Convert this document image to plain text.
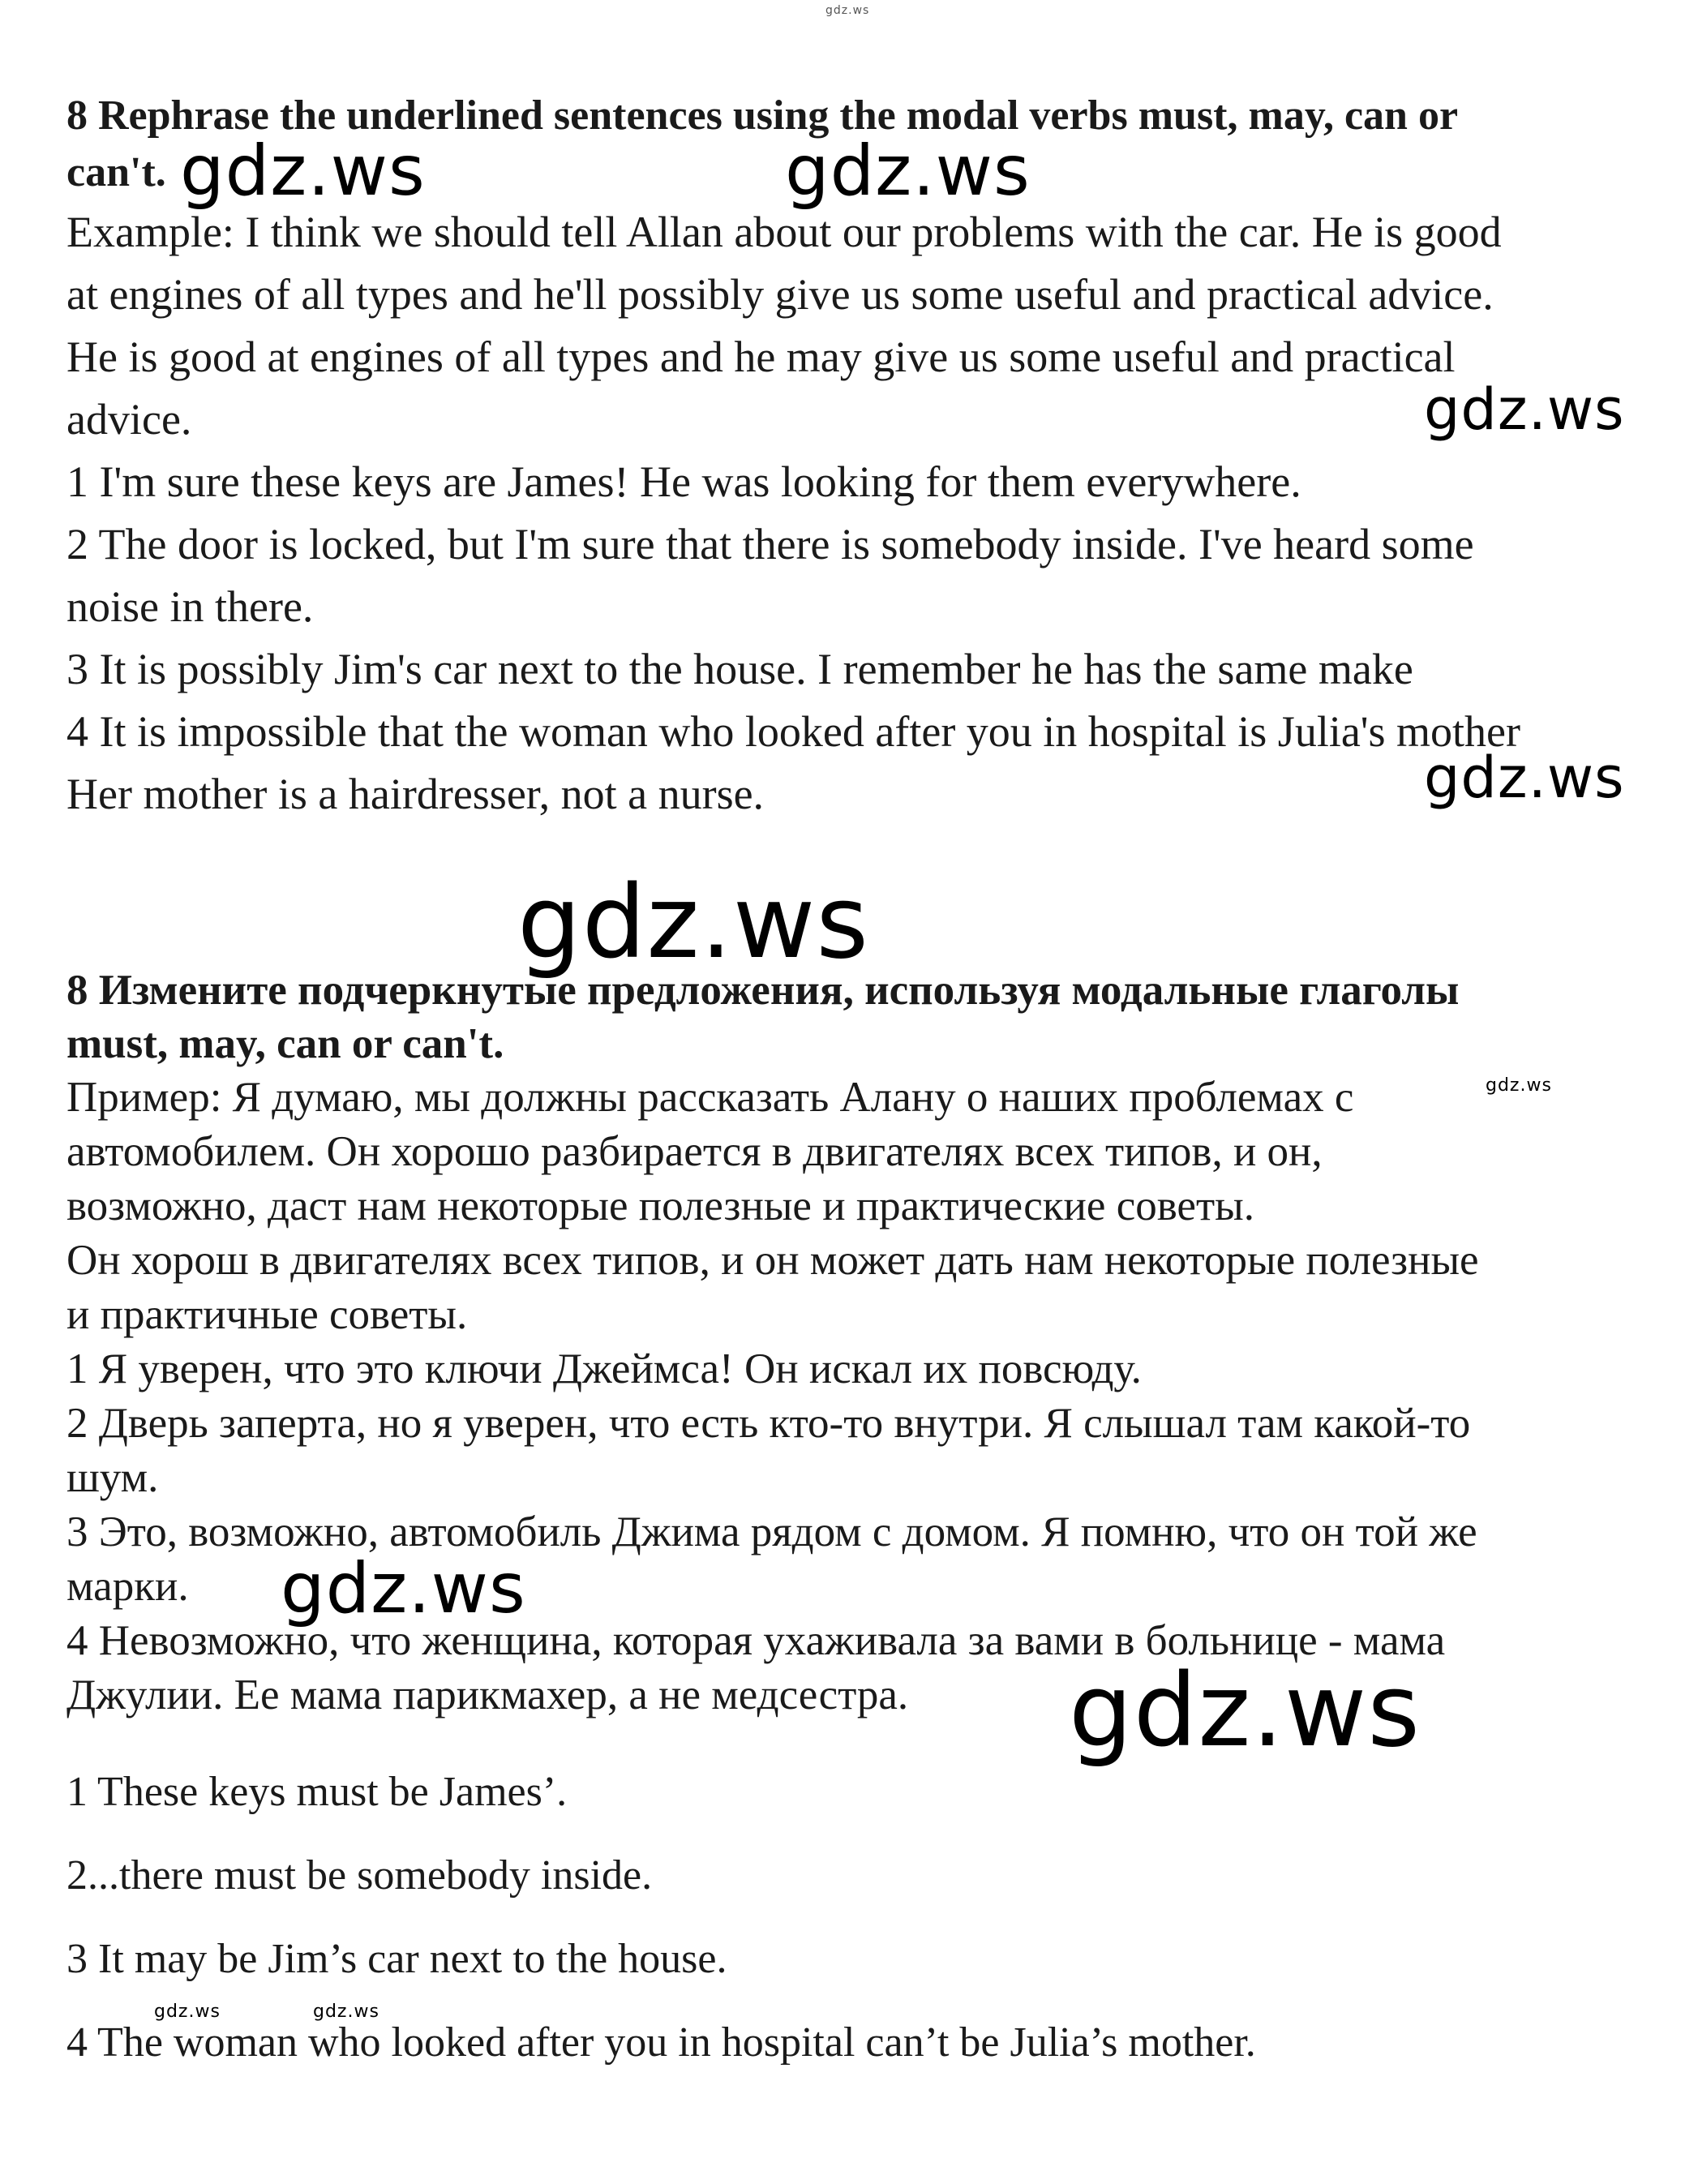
8 Rephrase the underlined sentences using the modal verbs must, may, can or

can't.

Example: I think we should tell Allan about our problems with the car. He is good

at engines of all types and he'll possibly give us some useful and practical advice.

He is good at engines of all types and he may give us some useful and practical

advice.

1 I'm sure these keys are James! He was looking for them everywhere.

2 The door is locked, but I'm sure that there is somebody inside. I've heard some

noise in there.

3 It is possibly Jim's car next to the house. I remember he has the same make

4 It is impossible that the woman who looked after you in hospital is Julia's mother

Her mother is a hairdresser, not a nurse.

8 Измените подчеркнутые предложения, используя модальные глаголы

must, may, can or can't.

Пример: Я думаю, мы должны рассказать Алану о наших проблемах с

автомобилем. Он хорошо разбирается в двигателях всех типов, и он,

возможно, даст нам некоторые полезные и практические советы.

Он хорош в двигателях всех типов, и он может дать нам некоторые полезные

и практичные советы.

1 Я уверен, что это ключи Джеймса! Он искал их повсюду.

2 Дверь заперта, но я уверен, что есть кто-то внутри. Я слышал там какой-то

шум.

3 Это, возможно, автомобиль Джима рядом с домом. Я помню, что он той же

марки.

4 Невозможно, что женщина, которая ухаживала за вами в больнице - мама

Джулии. Ее мама парикмахер, а не медсестра.

1 These keys must be James’.

2...there must be somebody inside.

3 It may be Jim’s car next to the house.

4 The woman who looked after you in hospital can’t be Julia’s mother.

gdz.ws
gdz.ws	gdz.ws
gdz.ws
gdz.ws
gdz.ws
gdz.ws
gdz.ws
gdz.ws
gdz.ws	gdz.ws
